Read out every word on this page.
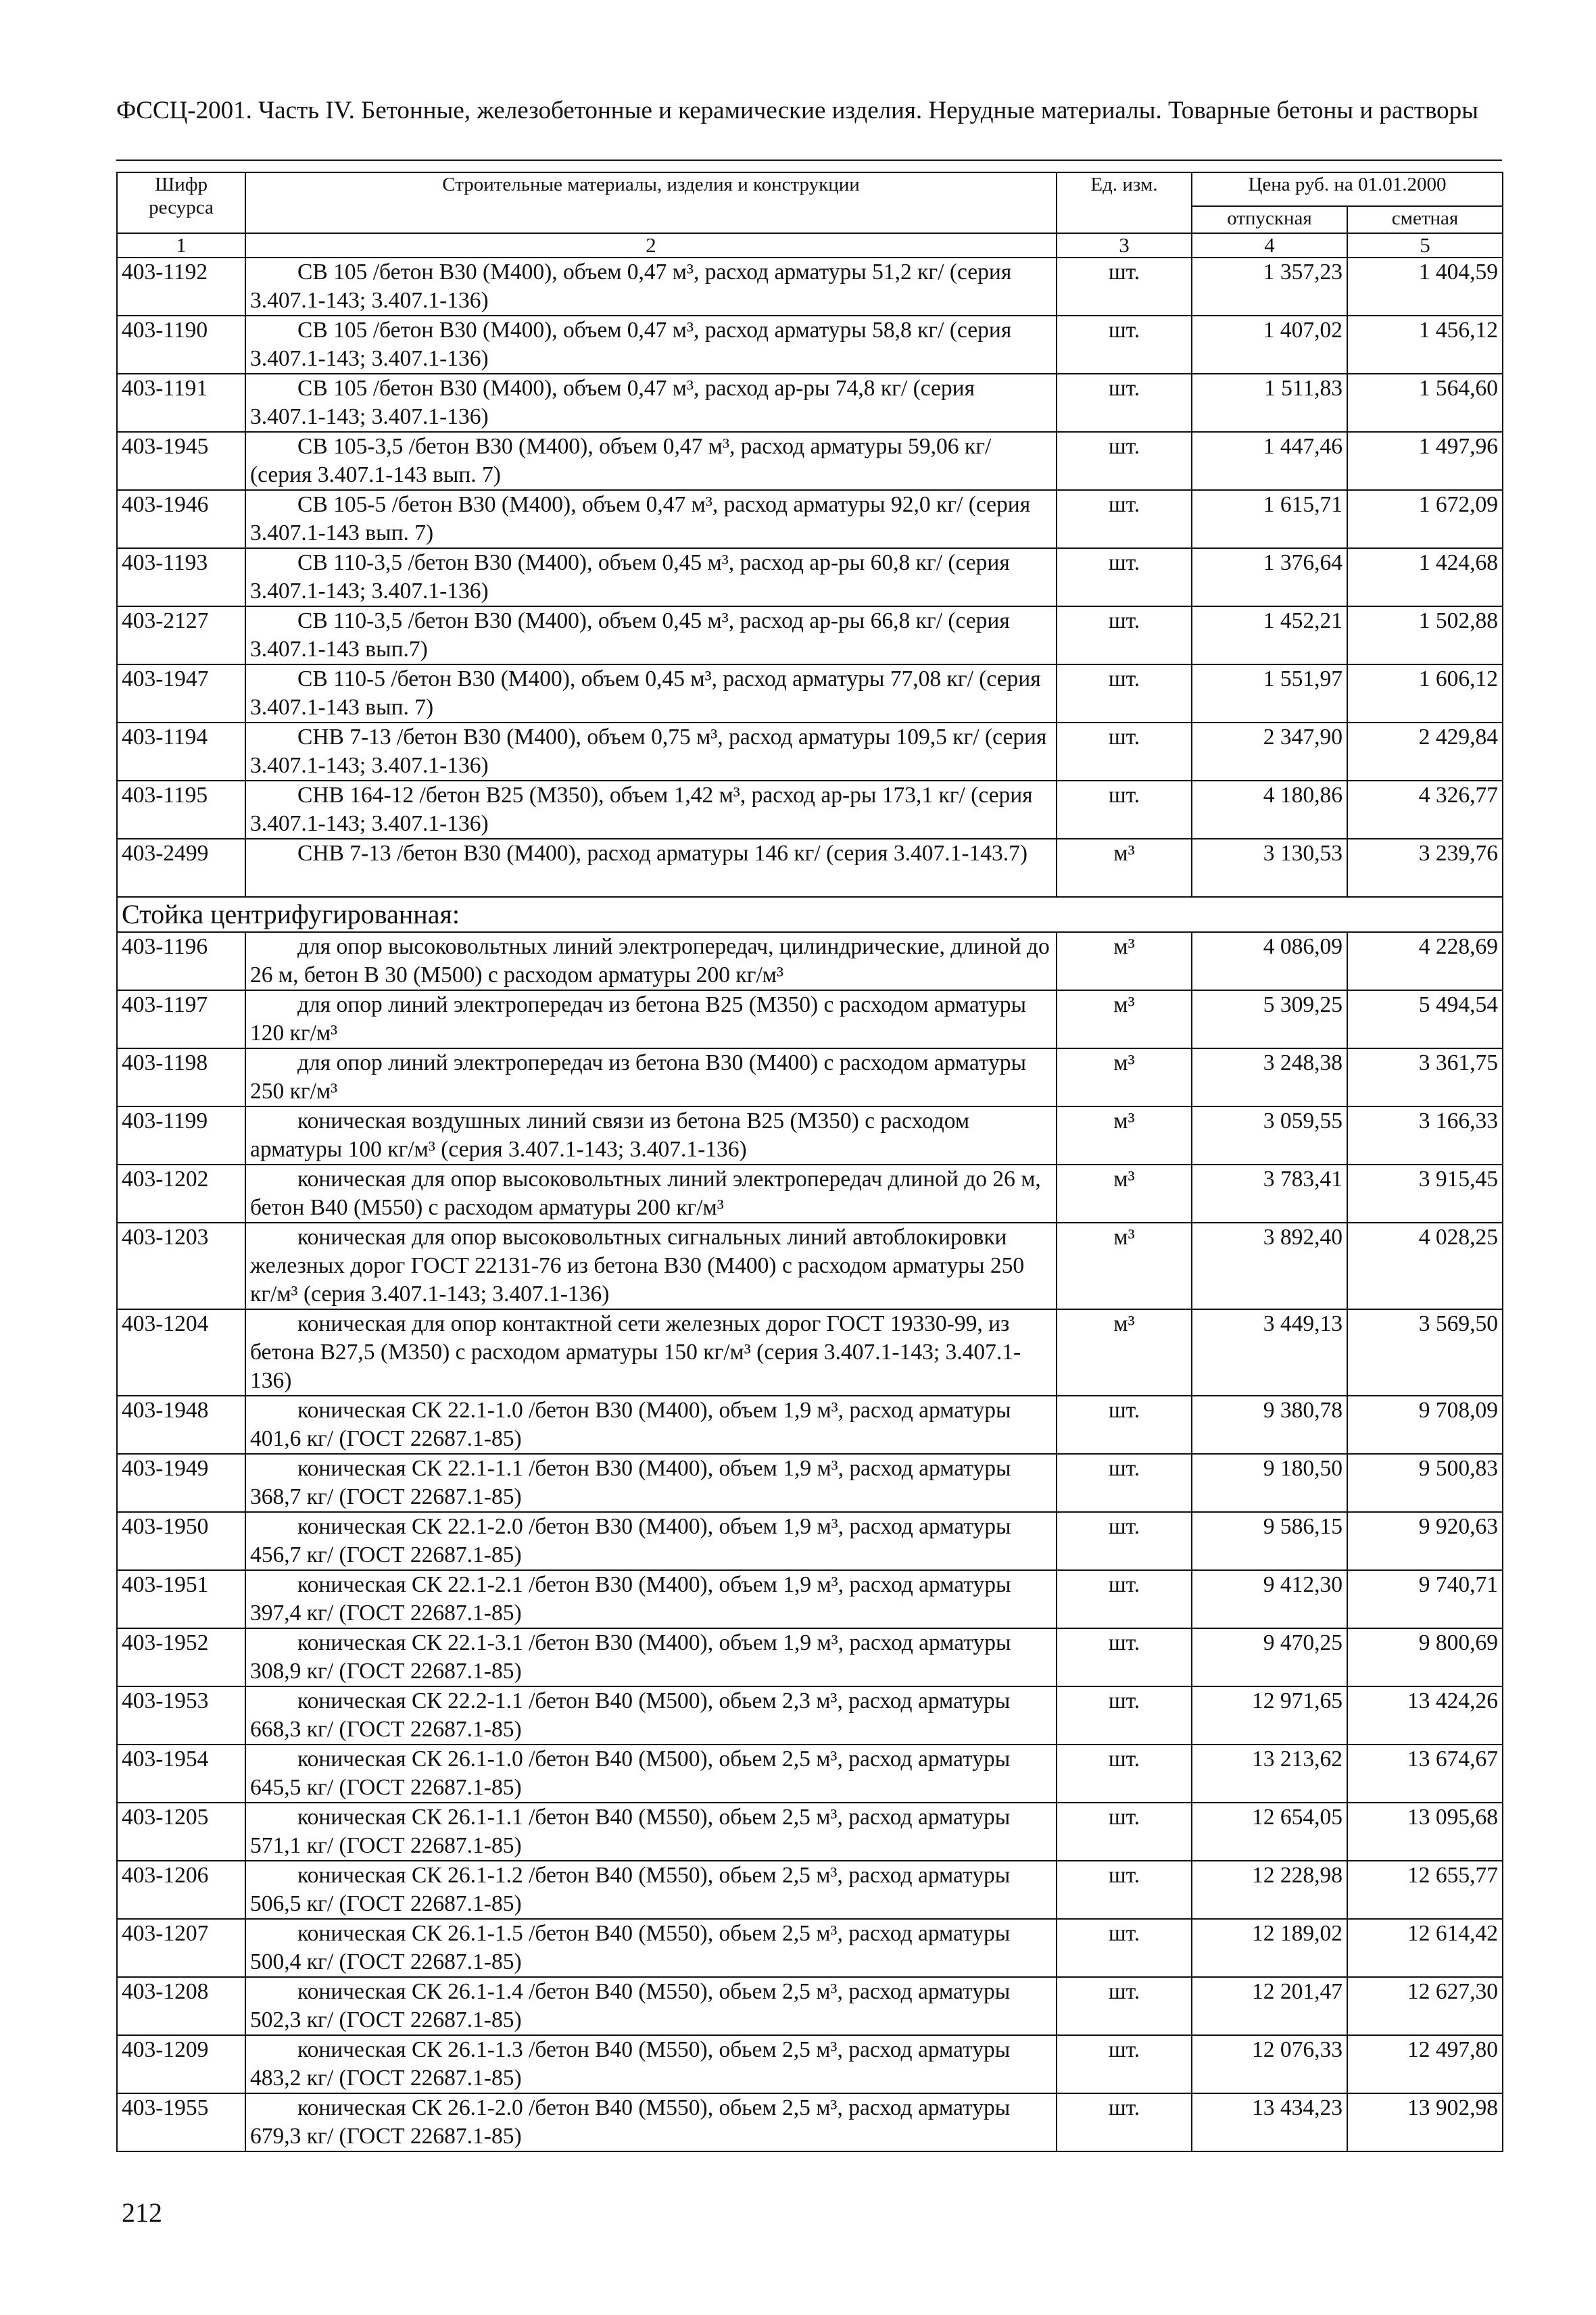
ФССЦ-2001. Часть IV. Бетонные, железобетонные и керамические изделия. Нерудные материалы. Товарные бетоны и растворы
Шифр ресурса	Строительные материалы, изделия и конструкции	Ед. изм.	Цена руб. на 01.01.2000	
			отпускная	сметная
1	2	3	4	5
403-1192	СВ 105 /бетон В30 (М400), объем 0,47 м³, расход арматуры 51,2 кг/ (серия 3.407.1-143; 3.407.1-136)	шт.	1 357,23	1 404,59
403-1190	СВ 105 /бетон В30 (М400), объем 0,47 м³, расход арматуры 58,8 кг/ (серия 3.407.1-143; 3.407.1-136)	шт.	1 407,02	1 456,12
403-1191	СВ 105 /бетон В30 (М400), объем 0,47 м³, расход ар-ры 74,8 кг/ (серия 3.407.1-143; 3.407.1-136)	шт.	1 511,83	1 564,60
403-1945	СВ 105-3,5 /бетон В30 (М400), объем 0,47 м³, расход арматуры 59,06 кг/ (серия 3.407.1-143 вып. 7)	шт.	1 447,46	1 497,96
403-1946	СВ 105-5 /бетон В30 (М400), объем 0,47 м³, расход арматуры 92,0 кг/ (серия 3.407.1-143 вып. 7)	шт.	1 615,71	1 672,09
403-1193	СВ 110-3,5 /бетон В30 (М400), объем 0,45 м³, расход ар-ры 60,8 кг/ (серия 3.407.1-143; 3.407.1-136)	шт.	1 376,64	1 424,68
403-2127	СВ 110-3,5 /бетон В30 (М400), объем 0,45 м³, расход ар-ры 66,8 кг/ (серия 3.407.1-143 вып.7)	шт.	1 452,21	1 502,88
403-1947	СВ 110-5 /бетон В30 (М400), объем 0,45 м³, расход арматуры 77,08 кг/ (серия 3.407.1-143 вып. 7)	шт.	1 551,97	1 606,12
403-1194	СНВ 7-13 /бетон В30 (М400), объем 0,75 м³, расход арматуры 109,5 кг/ (серия 3.407.1-143; 3.407.1-136)	шт.	2 347,90	2 429,84
403-1195	СНВ 164-12 /бетон В25 (М350), объем 1,42 м³, расход ар-ры 173,1 кг/ (серия 3.407.1-143; 3.407.1-136)	шт.	4 180,86	4 326,77
403-2499	СНВ 7-13 /бетон В30 (М400), расход арматуры 146 кг/ (серия 3.407.1-143.7)	м³	3 130,53	3 239,76
Стойка центрифугированная:				
403-1196	для опор высоковольтных линий электропередач, цилиндрические, длиной до 26 м, бетон В 30 (М500) с расходом арматуры 200 кг/м³	м³	4 086,09	4 228,69
403-1197	для опор линий электропередач из бетона В25 (М350) с расходом арматуры 120 кг/м³	м³	5 309,25	5 494,54
403-1198	для опор линий электропередач из бетона В30 (М400) с расходом арматуры 250 кг/м³	м³	3 248,38	3 361,75
403-1199	коническая воздушных линий связи из бетона В25 (М350) с расходом арматуры 100 кг/м³ (серия 3.407.1-143; 3.407.1-136)	м³	3 059,55	3 166,33
403-1202	коническая для опор высоковольтных линий электропередач длиной до 26 м, бетон В40 (М550) с расходом арматуры 200 кг/м³	м³	3 783,41	3 915,45
403-1203	коническая для опор высоковольтных сигнальных линий автоблокировки железных дорог ГОСТ 22131-76 из бетона В30 (М400) с расходом арматуры 250 кг/м³ (серия 3.407.1-143; 3.407.1-136)	м³	3 892,40	4 028,25
403-1204	коническая для опор контактной сети железных дорог ГОСТ 19330-99, из бетона В27,5 (М350) с расходом арматуры 150 кг/м³ (серия 3.407.1-143; 3.407.1-136)	м³	3 449,13	3 569,50
403-1948	коническая СК 22.1-1.0 /бетон В30 (М400), объем 1,9 м³, расход арматуры 401,6 кг/ (ГОСТ 22687.1-85)	шт.	9 380,78	9 708,09
403-1949	коническая СК 22.1-1.1 /бетон В30 (М400), объем 1,9 м³, расход арматуры 368,7 кг/ (ГОСТ 22687.1-85)	шт.	9 180,50	9 500,83
403-1950	коническая СК 22.1-2.0 /бетон В30 (М400), объем 1,9 м³, расход арматуры 456,7 кг/ (ГОСТ 22687.1-85)	шт.	9 586,15	9 920,63
403-1951	коническая СК 22.1-2.1 /бетон В30 (М400), объем 1,9 м³, расход арматуры 397,4 кг/ (ГОСТ 22687.1-85)	шт.	9 412,30	9 740,71
403-1952	коническая СК 22.1-3.1 /бетон В30 (М400), объем 1,9 м³, расход арматуры 308,9 кг/ (ГОСТ 22687.1-85)	шт.	9 470,25	9 800,69
403-1953	коническая СК 22.2-1.1 /бетон В40 (М500), обьем 2,3 м³, расход арматуры 668,3 кг/ (ГОСТ 22687.1-85)	шт.	12 971,65	13 424,26
403-1954	коническая СК 26.1-1.0 /бетон В40 (М500), обьем 2,5 м³, расход арматуры 645,5 кг/ (ГОСТ 22687.1-85)	шт.	13 213,62	13 674,67
403-1205	коническая СК 26.1-1.1 /бетон В40 (М550), обьем 2,5 м³, расход арматуры 571,1 кг/ (ГОСТ 22687.1-85)	шт.	12 654,05	13 095,68
403-1206	коническая СК 26.1-1.2 /бетон В40 (М550), обьем 2,5 м³, расход арматуры 506,5 кг/ (ГОСТ 22687.1-85)	шт.	12 228,98	12 655,77
403-1207	коническая СК 26.1-1.5 /бетон В40 (М550), обьем 2,5 м³, расход арматуры 500,4 кг/ (ГОСТ 22687.1-85)	шт.	12 189,02	12 614,42
403-1208	коническая СК 26.1-1.4 /бетон В40 (М550), обьем 2,5 м³, расход арматуры 502,3 кг/ (ГОСТ 22687.1-85)	шт.	12 201,47	12 627,30
403-1209	коническая СК 26.1-1.3 /бетон В40 (М550), обьем 2,5 м³, расход арматуры 483,2 кг/ (ГОСТ 22687.1-85)	шт.	12 076,33	12 497,80
403-1955	коническая СК 26.1-2.0 /бетон В40 (М550), обьем 2,5 м³, расход арматуры 679,3 кг/ (ГОСТ 22687.1-85)	шт.	13 434,23	13 902,98
212
